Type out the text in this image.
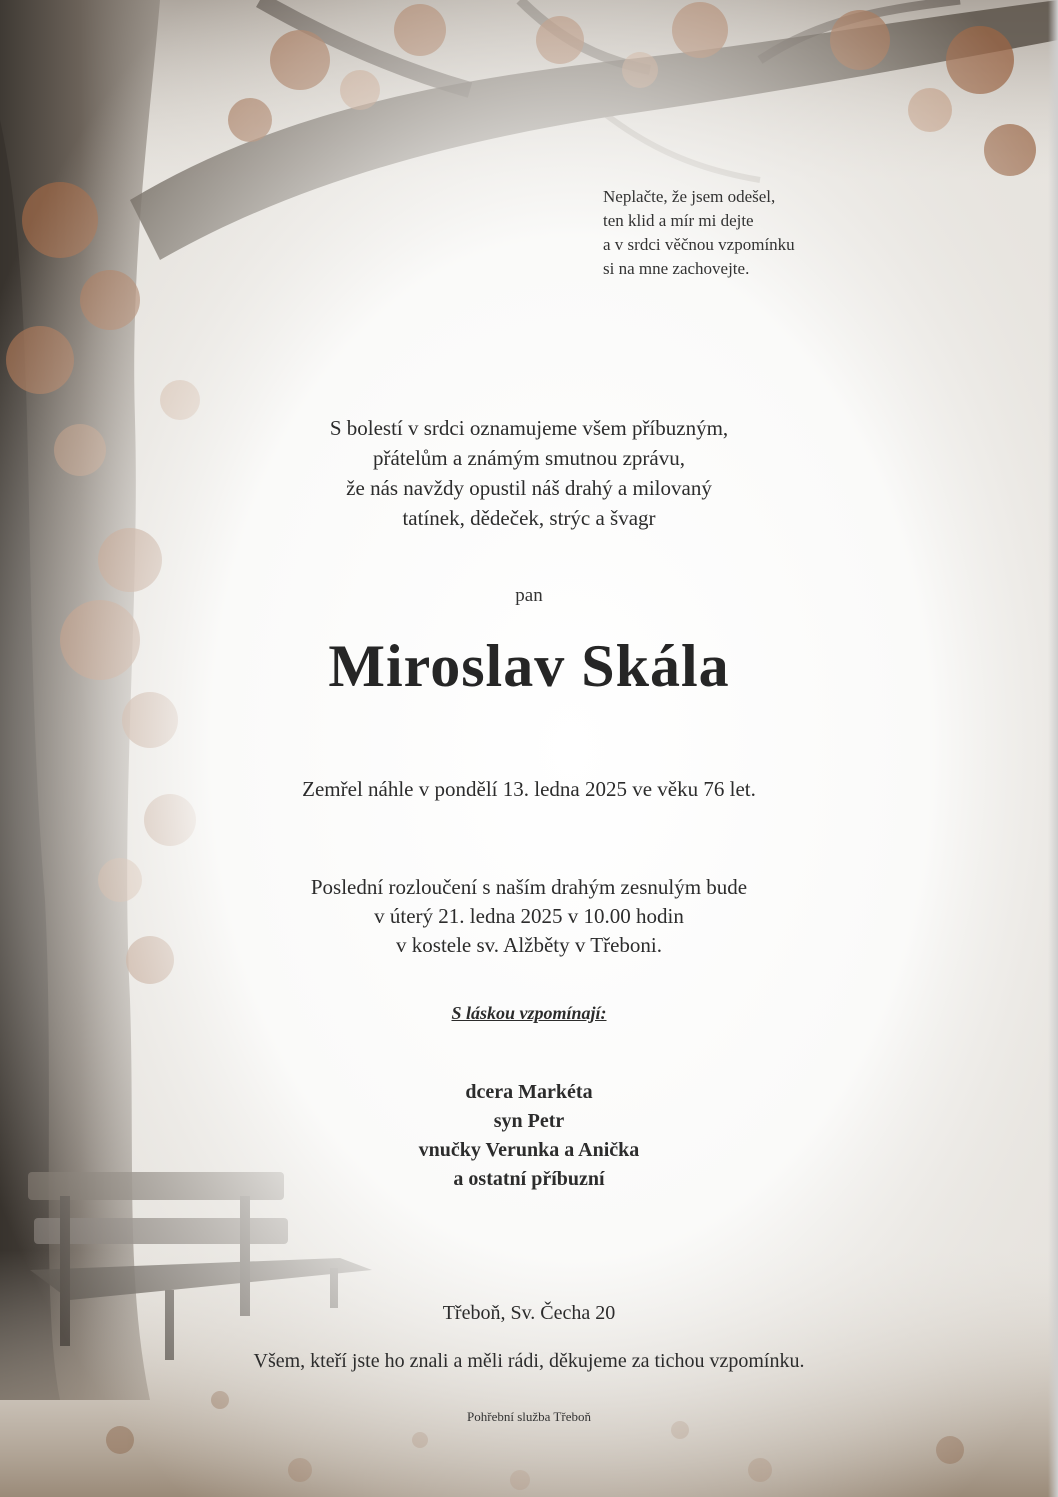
Neplačte, že jsem odešel,
ten klid a mír mi dejte
a v srdci věčnou vzpomínku
si na mne zachovejte.
S bolestí v srdci oznamujeme všem příbuzným,
přátelům a známým smutnou zprávu,
že nás navždy opustil náš drahý a milovaný
tatínek, dědeček, strýc a švagr
pan
Miroslav Skála
Zemřel náhle v pondělí 13. ledna 2025 ve věku 76 let.
Poslední rozloučení s naším drahým zesnulým bude
v úterý 21. ledna 2025 v 10.00 hodin
v kostele sv. Alžběty v Třeboni.
S láskou vzpomínají:
dcera Markéta
syn Petr
vnučky Verunka a Anička
a ostatní příbuzní
Třeboň, Sv. Čecha 20
Všem, kteří jste ho znali a měli rádi, děkujeme za tichou vzpomínku.
Pohřební služba Třeboň
